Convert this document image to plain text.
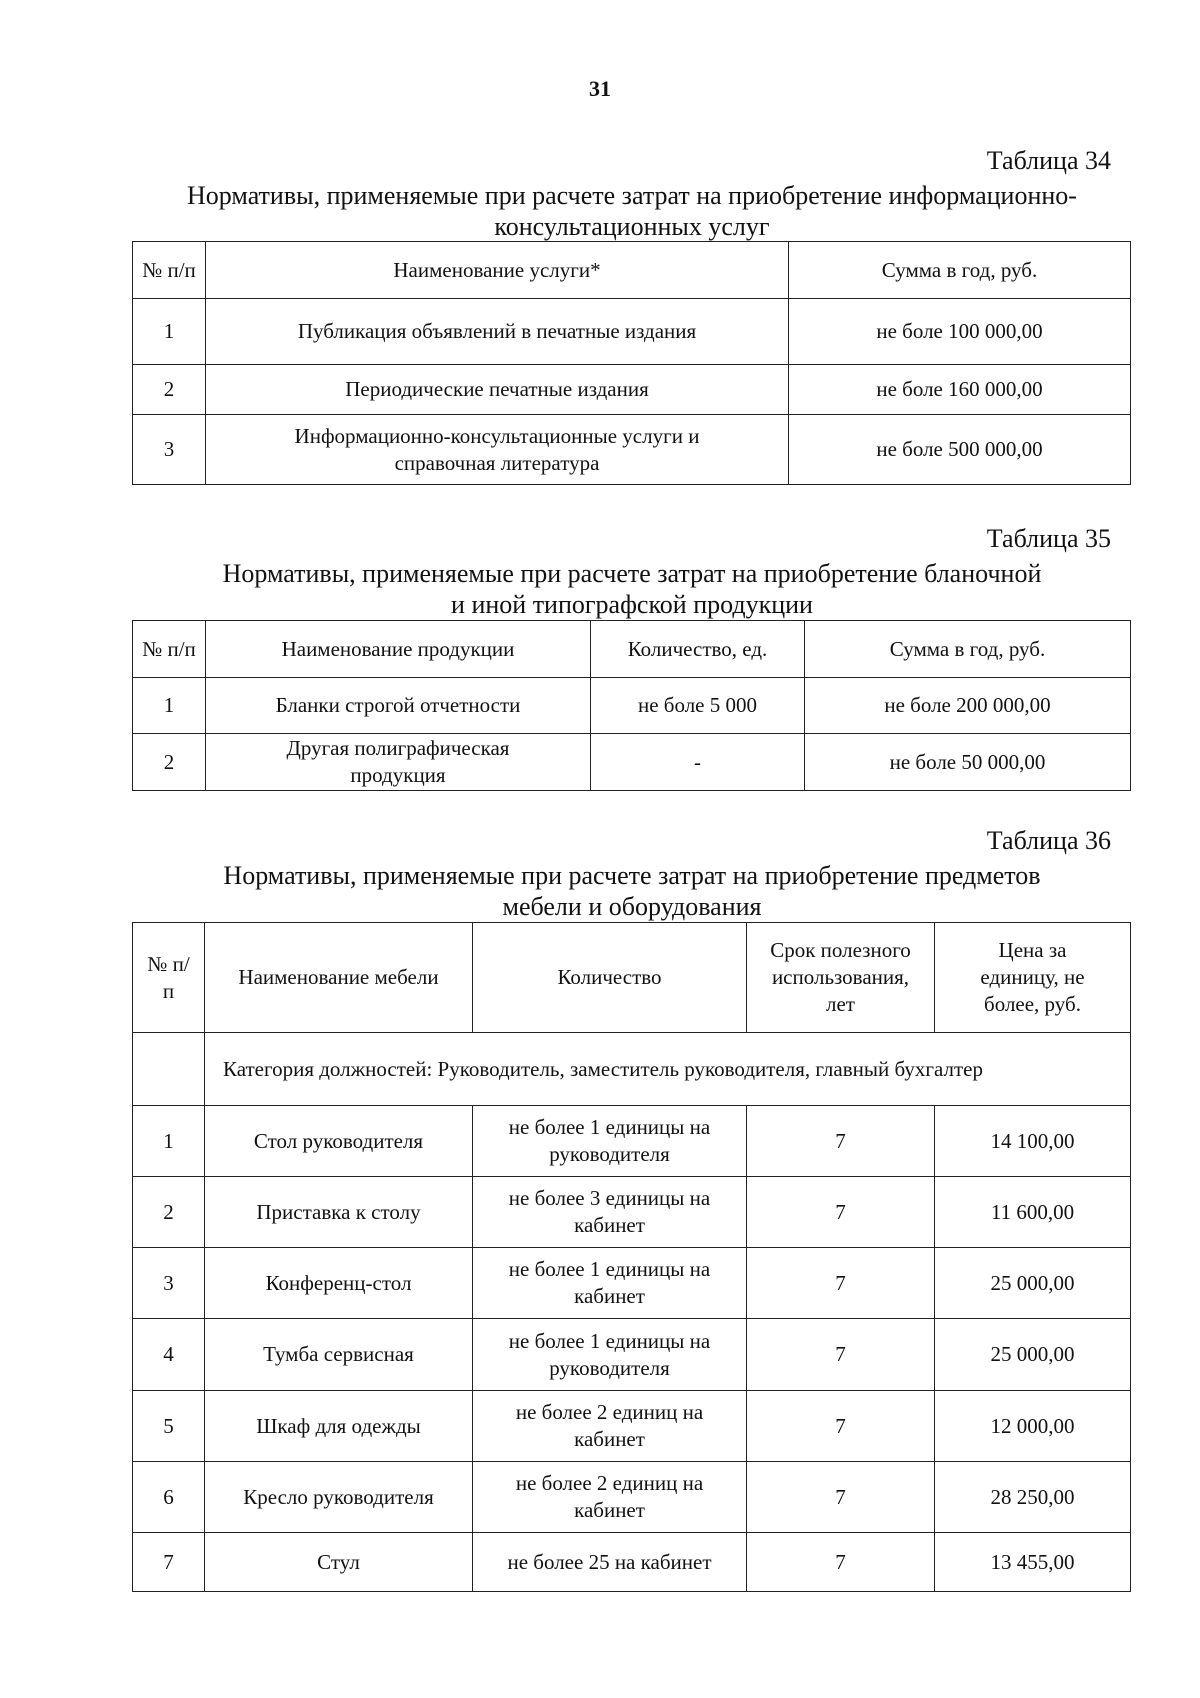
31
Таблица 34
Нормативы, применяемые при расчете затрат на приобретение информационно-
консультационных услуг
№ п/п	Наименование услуги*	Сумма в год, руб.
1	Публикация объявлений в печатные издания	не боле 100 000,00
2	Периодические печатные издания	не боле 160 000,00
3	Информационно-консультационные услуги и справочная литература	не боле 500 000,00
Таблица 35
Нормативы, применяемые при расчете затрат на приобретение бланочной
и иной типографской продукции
№ п/п	Наименование продукции	Количество, ед.	Сумма в год, руб.
1	Бланки строгой отчетности	не боле 5 000	не боле 200 000,00
2	Другая полиграфическая продукция	-	не боле 50 000,00
Таблица 36
Нормативы, применяемые при расчете затрат на приобретение предметов
мебели и оборудования
№ п/п	Наименование мебели	Количество	Срок полезного использования, лет	Цена за единицу, не более, руб.
	Категория должностей: Руководитель, заместитель руководителя, главный бухгалтер			
1	Стол руководителя	не более 1 единицы на руководителя	7	14 100,00
2	Приставка к столу	не более 3 единицы на кабинет	7	11 600,00
3	Конференц-стол	не более 1 единицы на кабинет	7	25 000,00
4	Тумба сервисная	не более 1 единицы на руководителя	7	25 000,00
5	Шкаф для одежды	не более 2 единиц на кабинет	7	12 000,00
6	Кресло руководителя	не более 2 единиц на кабинет	7	28 250,00
7	Стул	не более 25 на кабинет	7	13 455,00
